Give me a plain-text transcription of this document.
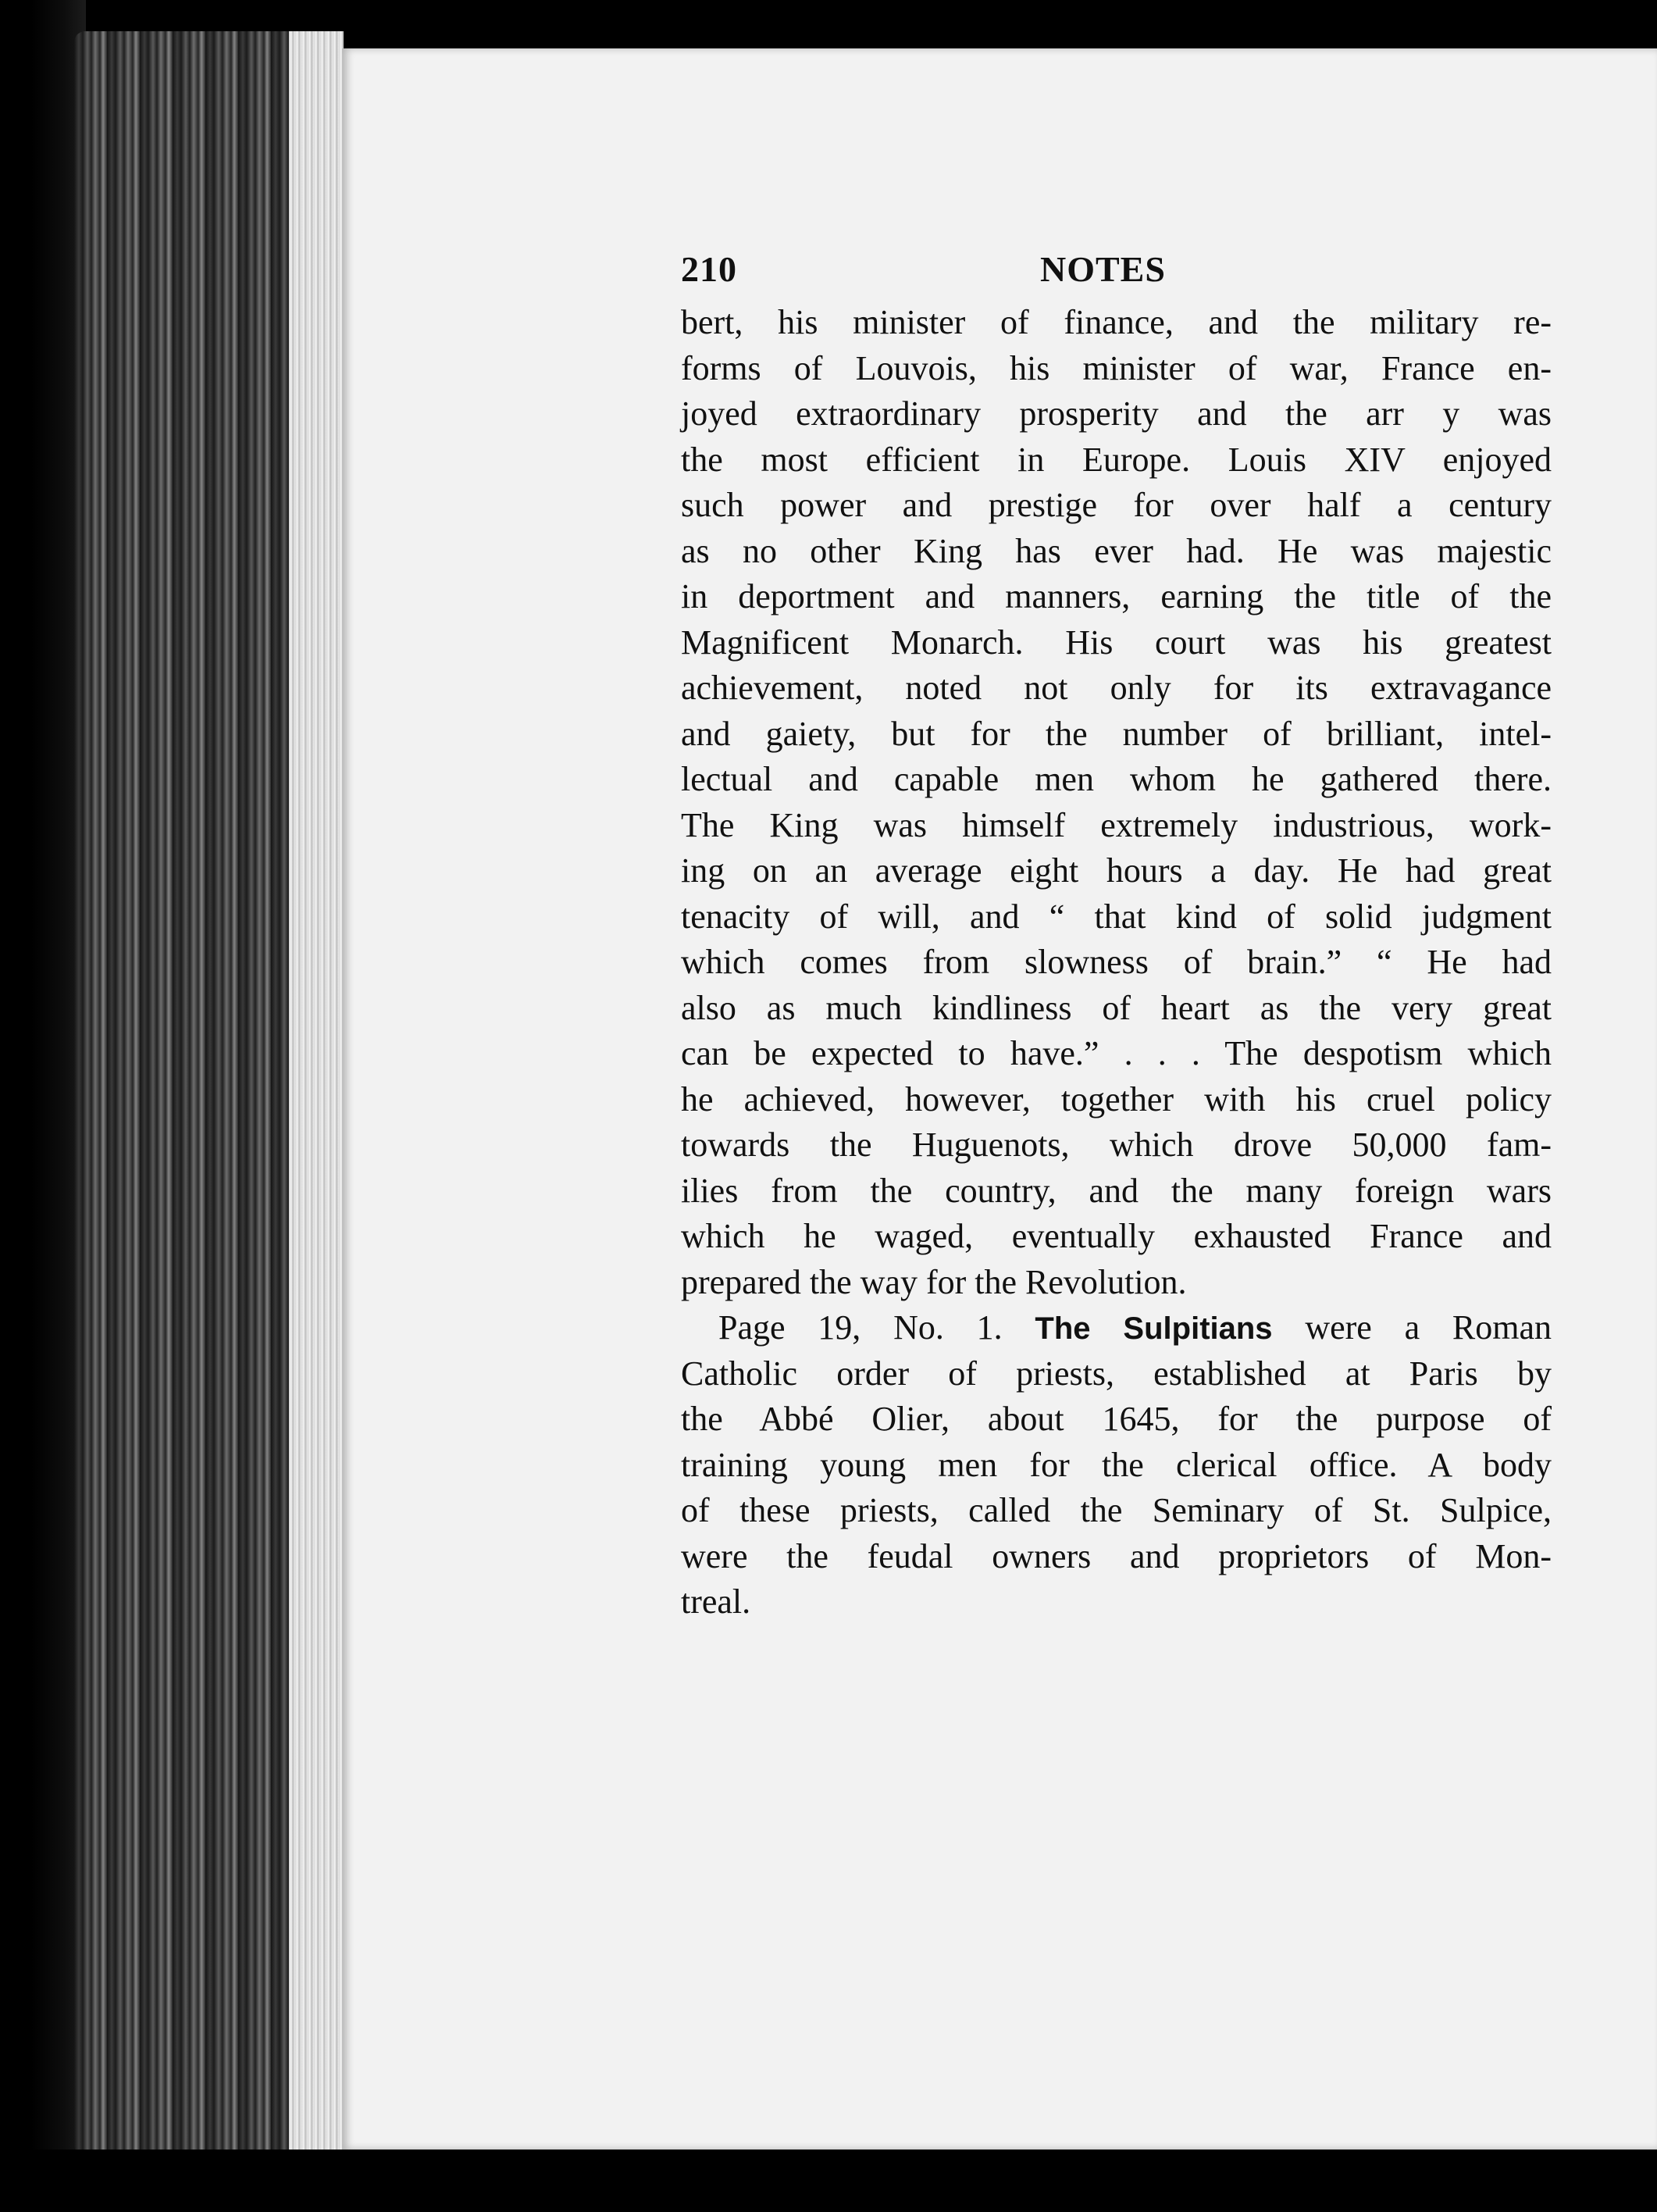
210	NOTES
bert, his minister of finance, and the military re-
forms of Louvois, his minister of war, France en-
joyed extraordinary prosperity and the arr y was
the most efficient in Europe. Louis XIV enjoyed
such power and prestige for over half a century
as no other King has ever had. He was majestic
in deportment and manners, earning the title of the
Magnificent Monarch. His court was his greatest
achievement, noted not only for its extravagance
and gaiety, but for the number of brilliant, intel-
lectual and capable men whom he gathered there.
The King was himself extremely industrious, work-
ing on an average eight hours a day. He had great
tenacity of will, and “ that kind of solid judgment
which comes from slowness of brain.” “ He had
also as much kindliness of heart as the very great
can be expected to have.” . . . The despotism which
he achieved, however, together with his cruel policy
towards the Huguenots, which drove 50,000 fam-
ilies from the country, and the many foreign wars
which he waged, eventually exhausted France and
prepared the way for the Revolution.
Page 19, No. 1. The Sulpitians were a Roman
Catholic order of priests, established at Paris by
the Abbé Olier, about 1645, for the purpose of
training young men for the clerical office. A body
of these priests, called the Seminary of St. Sulpice,
were the feudal owners and proprietors of Mon-
treal.
